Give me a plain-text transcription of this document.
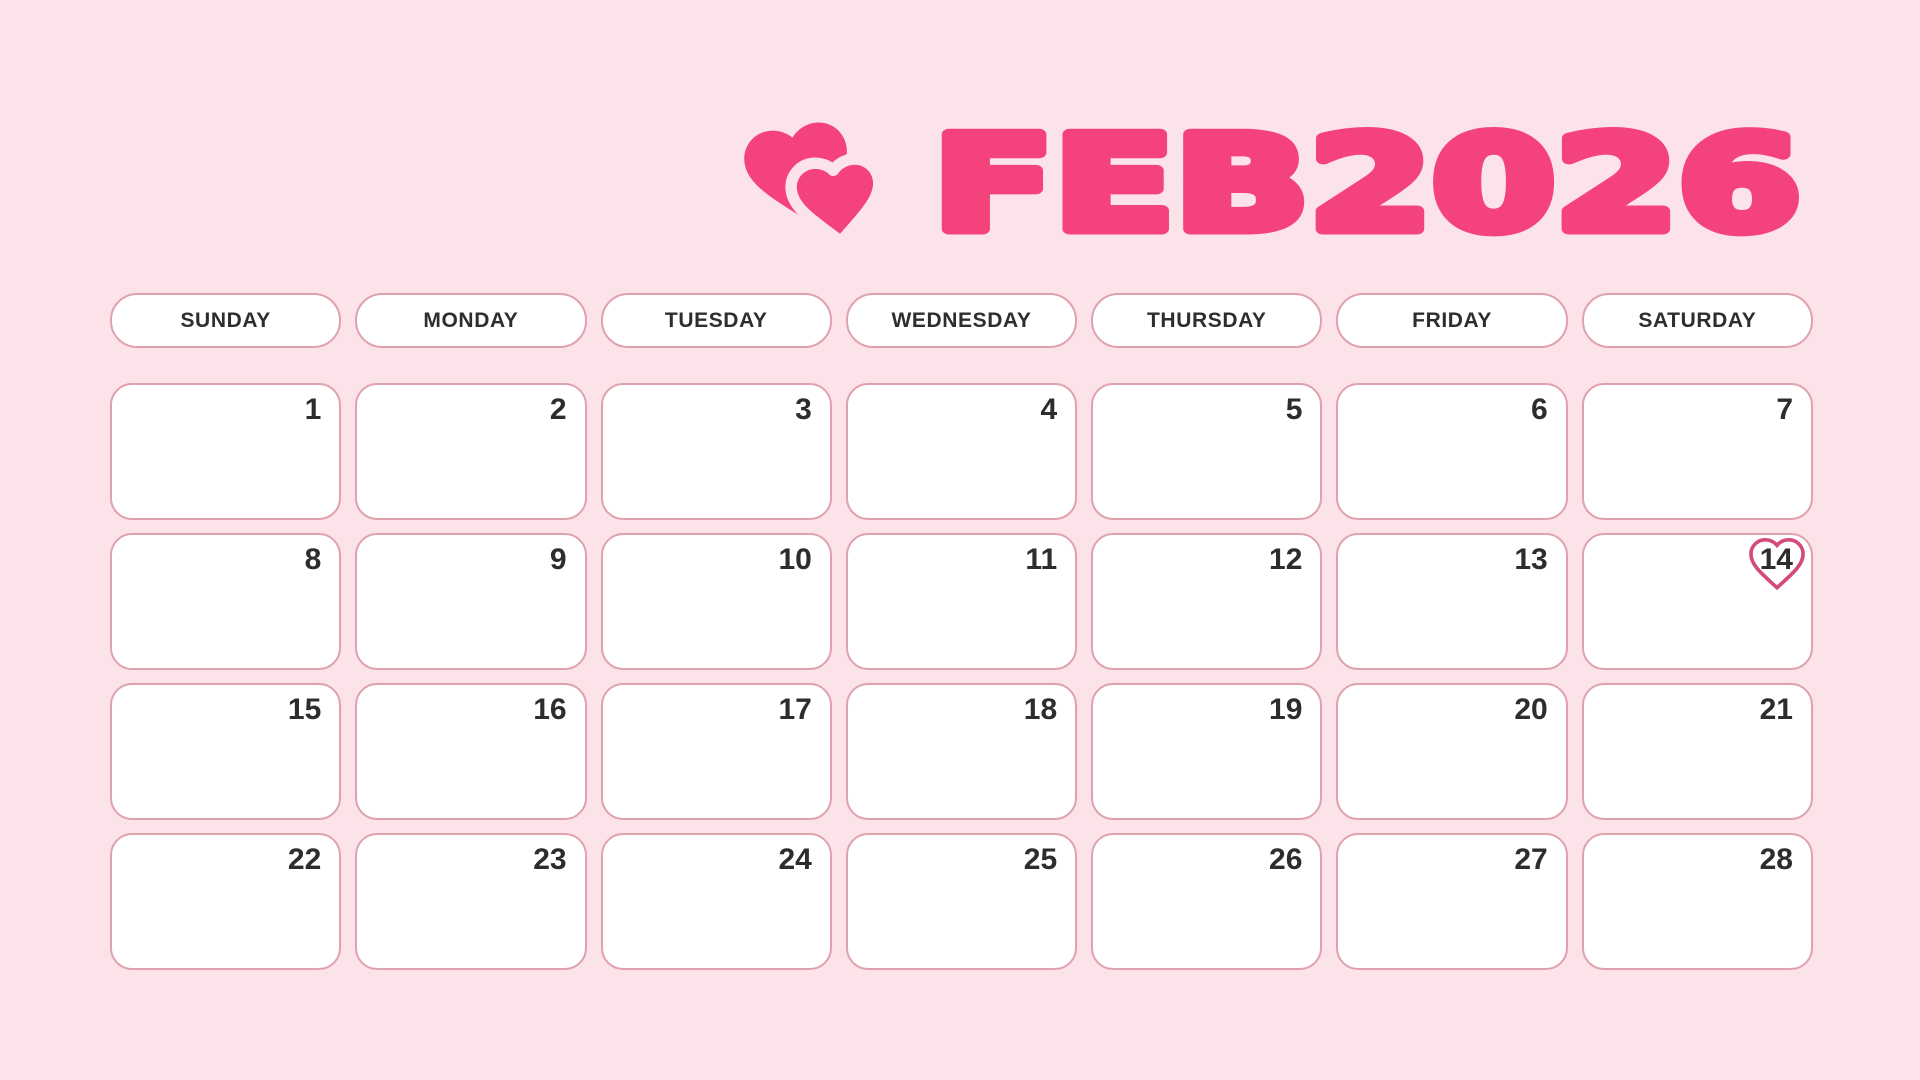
FEB2026
SUNDAY	MONDAY	TUESDAY	WEDNESDAY	THURSDAY	FRIDAY	SATURDAY
1	2	3	4	5	6	7
8	9	10	11	12	13	14
15	16	17	18	19	20	21
22	23	24	25	26	27	28
